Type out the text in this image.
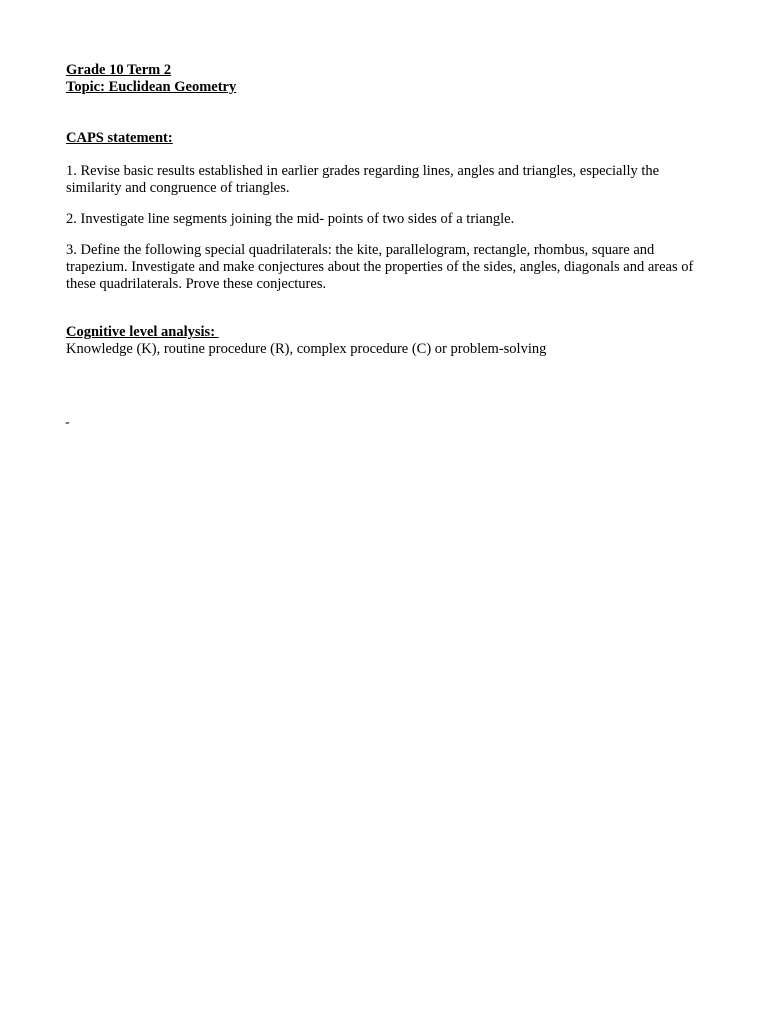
Grade 10 Term 2
Topic: Euclidean Geometry
CAPS statement:
1. Revise basic results established in earlier grades regarding lines, angles and triangles, especially the similarity and congruence of triangles.
2. Investigate line segments joining the mid- points of two sides of a triangle.
3. Define the following special quadrilaterals: the kite, parallelogram, rectangle, rhombus, square and trapezium. Investigate and make conjectures about the properties of the sides, angles, diagonals and areas of these quadrilaterals. Prove these conjectures.
Cognitive level analysis:
Knowledge (K), routine procedure (R), complex procedure (C) or problem-solving
-
